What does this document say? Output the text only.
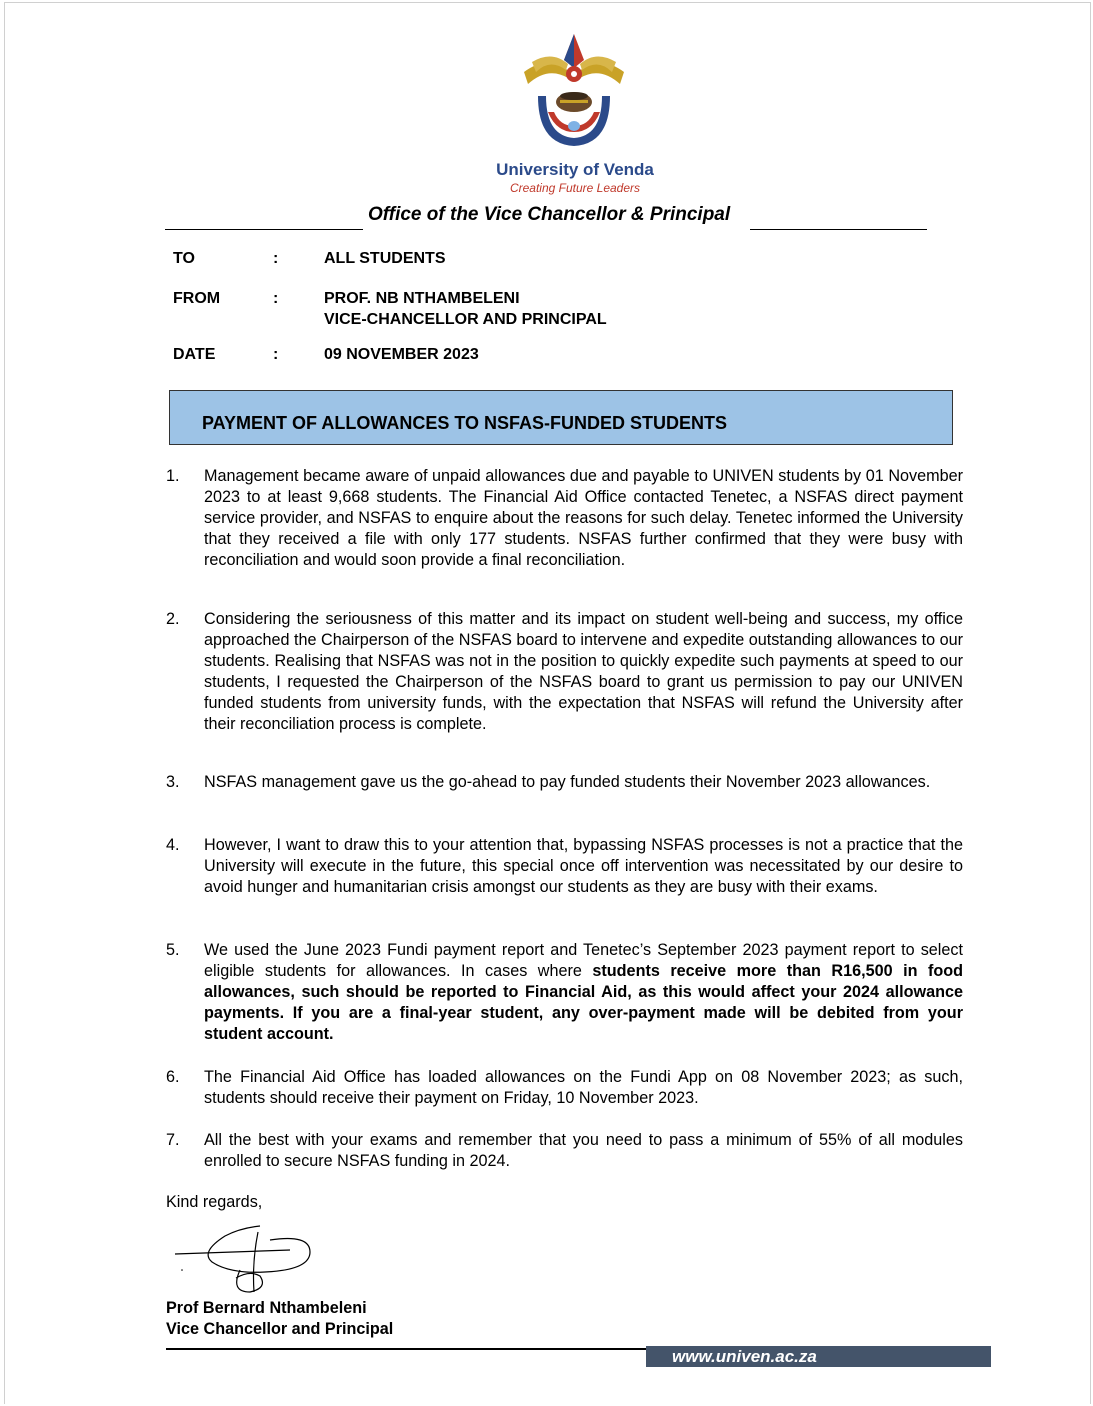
University of Venda
Creating Future Leaders
Office of the Vice Chancellor & Principal
TO	:	ALL STUDENTS
FROM	:	PROF. NB NTHAMBELENI
VICE-CHANCELLOR AND PRINCIPAL
DATE	:	09 NOVEMBER 2023
PAYMENT OF ALLOWANCES TO NSFAS-FUNDED STUDENTS
1. Management became aware of unpaid allowances due and payable to UNIVEN students by 01 November 2023 to at least 9,668 students. The Financial Aid Office contacted Tenetec, a NSFAS direct payment service provider, and NSFAS to enquire about the reasons for such delay. Tenetec informed the University that they received a file with only 177 students. NSFAS further confirmed that they were busy with reconciliation and would soon provide a final reconciliation.
2. Considering the seriousness of this matter and its impact on student well-being and success, my office approached the Chairperson of the NSFAS board to intervene and expedite outstanding allowances to our students. Realising that NSFAS was not in the position to quickly expedite such payments at speed to our students, I requested the Chairperson of the NSFAS board to grant us permission to pay our UNIVEN funded students from university funds, with the expectation that NSFAS will refund the University after their reconciliation process is complete.
3. NSFAS management gave us the go-ahead to pay funded students their November 2023 allowances.
4. However, I want to draw this to your attention that, bypassing NSFAS processes is not a practice that the University will execute in the future, this special once off intervention was necessitated by our desire to avoid hunger and humanitarian crisis amongst our students as they are busy with their exams.
5. We used the June 2023 Fundi payment report and Tenetec’s September 2023 payment report to select eligible students for allowances. In cases where students receive more than R16,500 in food allowances, such should be reported to Financial Aid, as this would affect your 2024 allowance payments. If you are a final-year student, any over-payment made will be debited from your student account.
6. The Financial Aid Office has loaded allowances on the Fundi App on 08 November 2023; as such, students should receive their payment on Friday, 10 November 2023.
7. All the best with your exams and remember that you need to pass a minimum of 55% of all modules enrolled to secure NSFAS funding in 2024.
Kind regards,
Prof Bernard Nthambeleni
Vice Chancellor and Principal
www.univen.ac.za
